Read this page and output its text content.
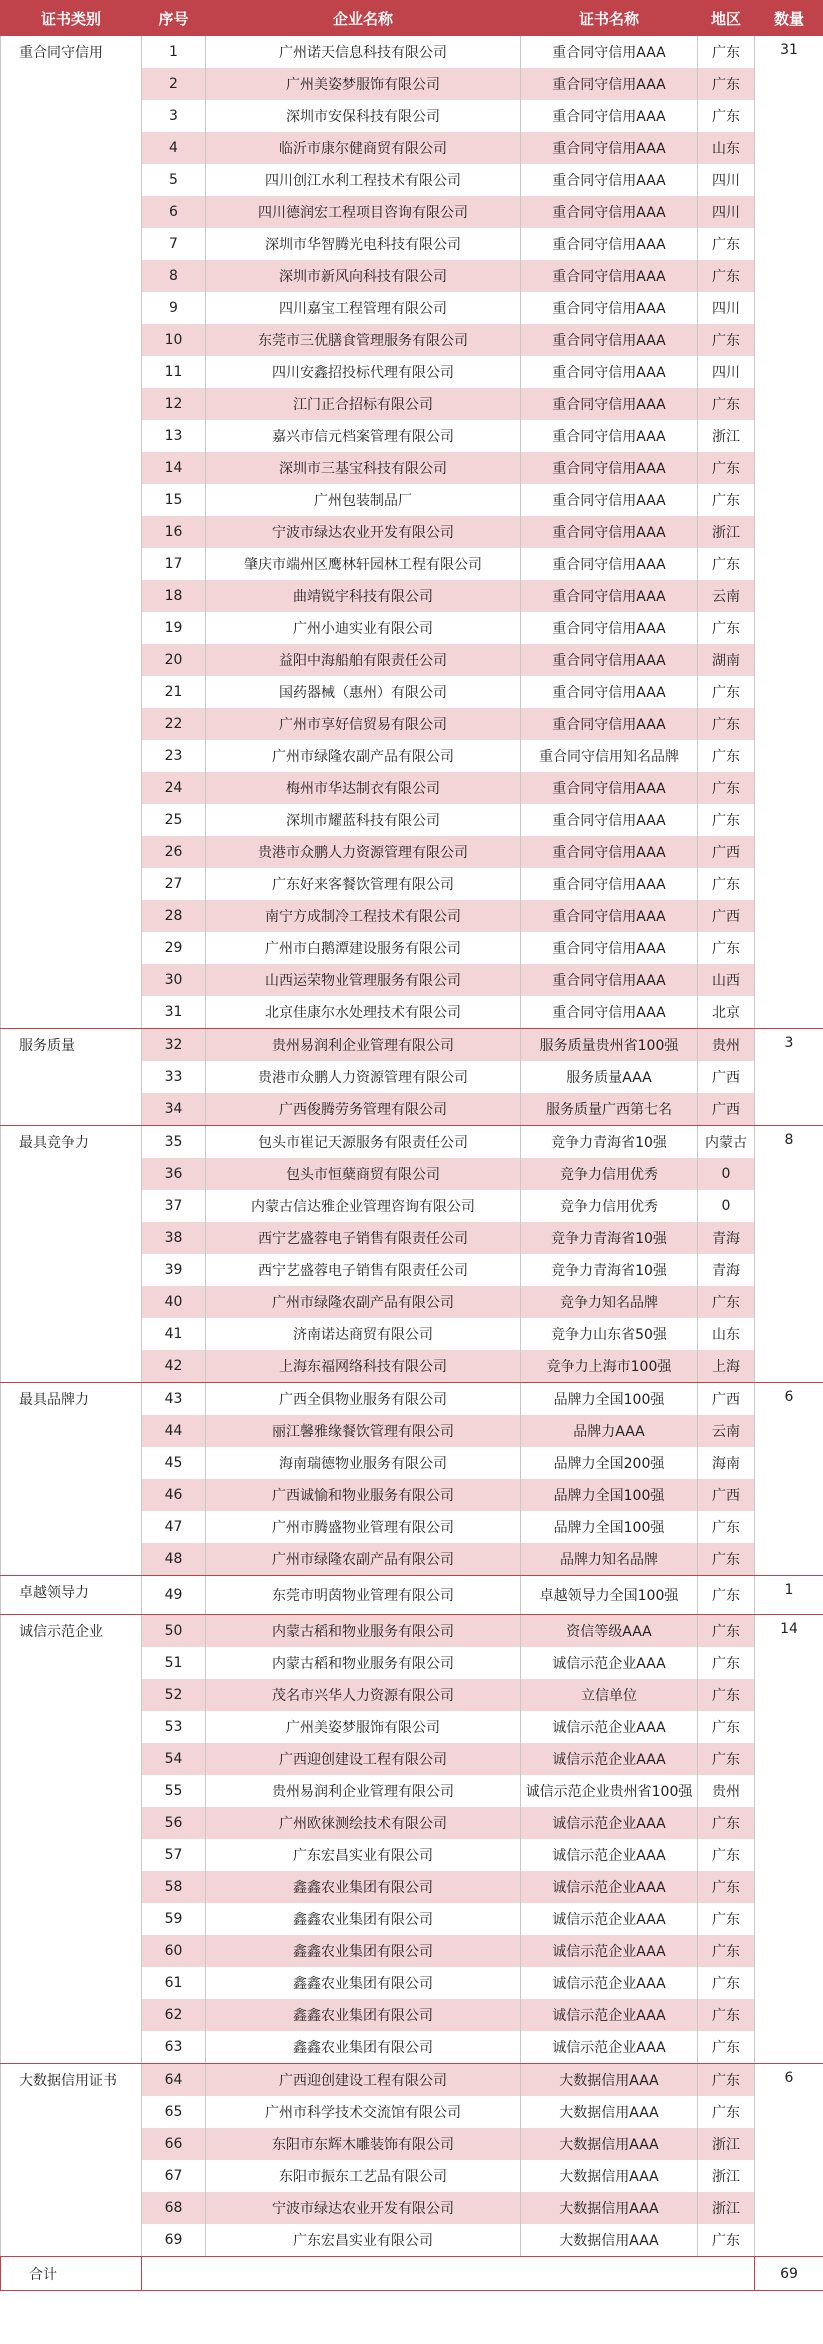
证书类别	序号	企业名称	证书名称	地区	数量
重合同守信用	1	广州诺天信息科技有限公司	重合同守信用AAA	广东	31
	2	广州美姿梦服饰有限公司	重合同守信用AAA	广东	
	3	深圳市安保科技有限公司	重合同守信用AAA	广东	
	4	临沂市康尔健商贸有限公司	重合同守信用AAA	山东	
	5	四川创江水利工程技术有限公司	重合同守信用AAA	四川	
	6	四川德润宏工程项目咨询有限公司	重合同守信用AAA	四川	
	7	深圳市华智腾光电科技有限公司	重合同守信用AAA	广东	
	8	深圳市新风向科技有限公司	重合同守信用AAA	广东	
	9	四川嘉宝工程管理有限公司	重合同守信用AAA	四川	
	10	东莞市三优膳食管理服务有限公司	重合同守信用AAA	广东	
	11	四川安鑫招投标代理有限公司	重合同守信用AAA	四川	
	12	江门正合招标有限公司	重合同守信用AAA	广东	
	13	嘉兴市信元档案管理有限公司	重合同守信用AAA	浙江	
	14	深圳市三基宝科技有限公司	重合同守信用AAA	广东	
	15	广州包装制品厂	重合同守信用AAA	广东	
	16	宁波市绿达农业开发有限公司	重合同守信用AAA	浙江	
	17	肇庆市端州区鹰林轩园林工程有限公司	重合同守信用AAA	广东	
	18	曲靖锐宇科技有限公司	重合同守信用AAA	云南	
	19	广州小迪实业有限公司	重合同守信用AAA	广东	
	20	益阳中海船舶有限责任公司	重合同守信用AAA	湖南	
	21	国药器械（惠州）有限公司	重合同守信用AAA	广东	
	22	广州市享好信贸易有限公司	重合同守信用AAA	广东	
	23	广州市绿隆农副产品有限公司	重合同守信用知名品牌	广东	
	24	梅州市华达制衣有限公司	重合同守信用AAA	广东	
	25	深圳市耀蓝科技有限公司	重合同守信用AAA	广东	
	26	贵港市众鹏人力资源管理有限公司	重合同守信用AAA	广西	
	27	广东好来客餐饮管理有限公司	重合同守信用AAA	广东	
	28	南宁方成制冷工程技术有限公司	重合同守信用AAA	广西	
	29	广州市白鹅潭建设服务有限公司	重合同守信用AAA	广东	
	30	山西运荣物业管理服务有限公司	重合同守信用AAA	山西	
	31	北京佳康尔水处理技术有限公司	重合同守信用AAA	北京	
服务质量	32	贵州易润利企业管理有限公司	服务质量贵州省100强	贵州	3
	33	贵港市众鹏人力资源管理有限公司	服务质量AAA	广西	
	34	广西俊腾劳务管理有限公司	服务质量广西第七名	广西	
最具竞争力	35	包头市崔记天源服务有限责任公司	竞争力青海省10强	内蒙古	8
	36	包头市恒蘖商贸有限公司	竞争力信用优秀	0	
	37	内蒙古信达雅企业管理咨询有限公司	竞争力信用优秀	0	
	38	西宁艺盛蓉电子销售有限责任公司	竞争力青海省10强	青海	
	39	西宁艺盛蓉电子销售有限责任公司	竞争力青海省10强	青海	
	40	广州市绿隆农副产品有限公司	竞争力知名品牌	广东	
	41	济南诺达商贸有限公司	竞争力山东省50强	山东	
	42	上海东福网络科技有限公司	竞争力上海市100强	上海	
最具品牌力	43	广西全俱物业服务有限公司	品牌力全国100强	广西	6
	44	丽江馨雅缘餐饮管理有限公司	品牌力AAA	云南	
	45	海南瑞德物业服务有限公司	品牌力全国200强	海南	
	46	广西诚愉和物业服务有限公司	品牌力全国100强	广西	
	47	广州市腾盛物业管理有限公司	品牌力全国100强	广东	
	48	广州市绿隆农副产品有限公司	品牌力知名品牌	广东	
卓越领导力	49	东莞市明茵物业管理有限公司	卓越领导力全国100强	广东	1
诚信示范企业	50	内蒙古稻和物业服务有限公司	资信等级AAA	广东	14
	51	内蒙古稻和物业服务有限公司	诚信示范企业AAA	广东	
	52	茂名市兴华人力资源有限公司	立信单位	广东	
	53	广州美姿梦服饰有限公司	诚信示范企业AAA	广东	
	54	广西迎创建设工程有限公司	诚信示范企业AAA	广东	
	55	贵州易润利企业管理有限公司	诚信示范企业贵州省100强	贵州	
	56	广州欧徕测绘技术有限公司	诚信示范企业AAA	广东	
	57	广东宏昌实业有限公司	诚信示范企业AAA	广东	
	58	鑫鑫农业集团有限公司	诚信示范企业AAA	广东	
	59	鑫鑫农业集团有限公司	诚信示范企业AAA	广东	
	60	鑫鑫农业集团有限公司	诚信示范企业AAA	广东	
	61	鑫鑫农业集团有限公司	诚信示范企业AAA	广东	
	62	鑫鑫农业集团有限公司	诚信示范企业AAA	广东	
	63	鑫鑫农业集团有限公司	诚信示范企业AAA	广东	
大数据信用证书	64	广西迎创建设工程有限公司	大数据信用AAA	广东	6
	65	广州市科学技术交流馆有限公司	大数据信用AAA	广东	
	66	东阳市东辉木雕装饰有限公司	大数据信用AAA	浙江	
	67	东阳市振东工艺品有限公司	大数据信用AAA	浙江	
	68	宁波市绿达农业开发有限公司	大数据信用AAA	浙江	
	69	广东宏昌实业有限公司	大数据信用AAA	广东	
合计					69
